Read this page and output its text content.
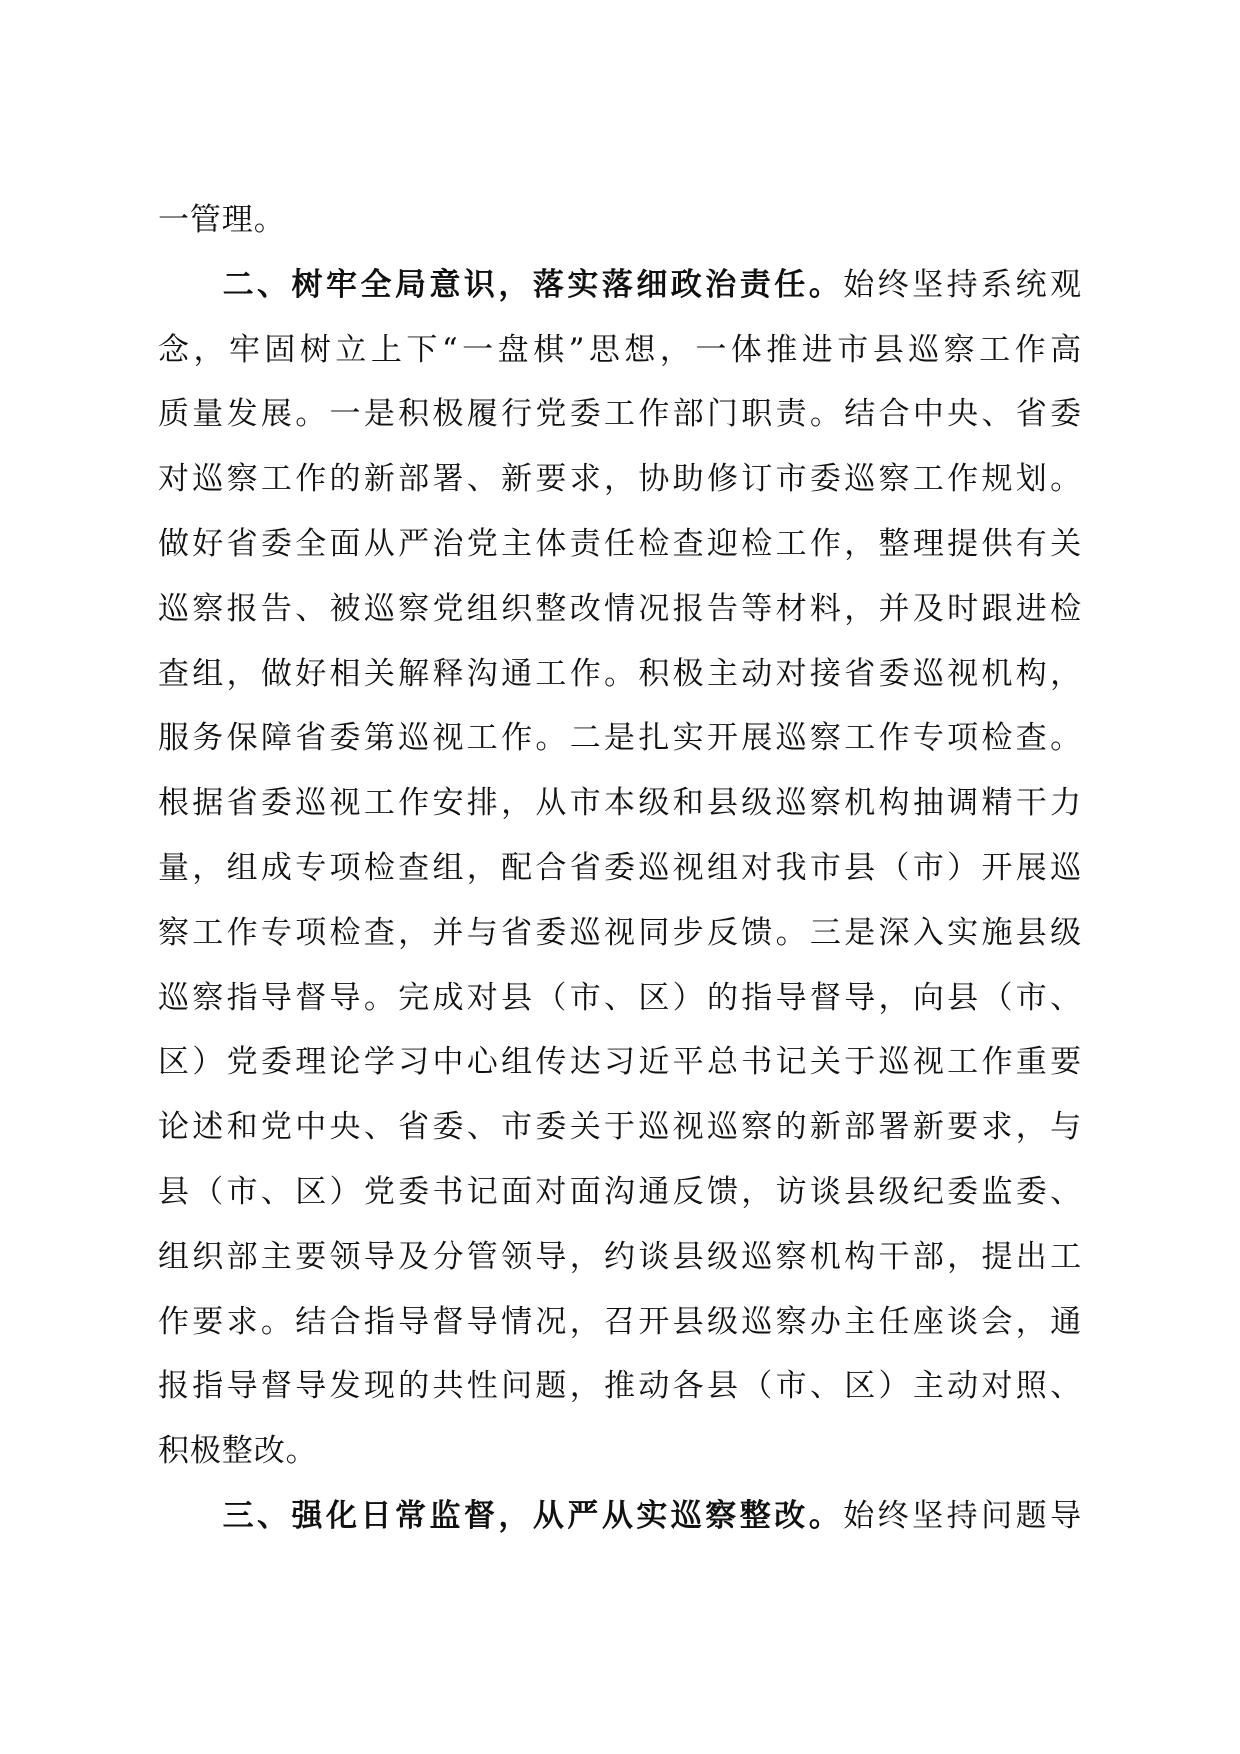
一管理。
二、树牢全局意识，落实落细政治责任。始终坚持系统观
念，牢固树立上下“一盘棋”思想，一体推进市县巡察工作高
质量发展。一是积极履行党委工作部门职责。结合中央、省委
对巡察工作的新部署、新要求，协助修订市委巡察工作规划。
做好省委全面从严治党主体责任检查迎检工作，整理提供有关
巡察报告、被巡察党组织整改情况报告等材料，并及时跟进检
查组，做好相关解释沟通工作。积极主动对接省委巡视机构，
服务保障省委第巡视工作。二是扎实开展巡察工作专项检查。
根据省委巡视工作安排，从市本级和县级巡察机构抽调精干力
量，组成专项检查组，配合省委巡视组对我市县（市）开展巡
察工作专项检查，并与省委巡视同步反馈。三是深入实施县级
巡察指导督导。完成对县（市、区）的指导督导，向县（市、
区）党委理论学习中心组传达习近平总书记关于巡视工作重要
论述和党中央、省委、市委关于巡视巡察的新部署新要求，与
县（市、区）党委书记面对面沟通反馈，访谈县级纪委监委、
组织部主要领导及分管领导，约谈县级巡察机构干部，提出工
作要求。结合指导督导情况，召开县级巡察办主任座谈会，通
报指导督导发现的共性问题，推动各县（市、区）主动对照、
积极整改。
三、强化日常监督，从严从实巡察整改。始终坚持问题导
